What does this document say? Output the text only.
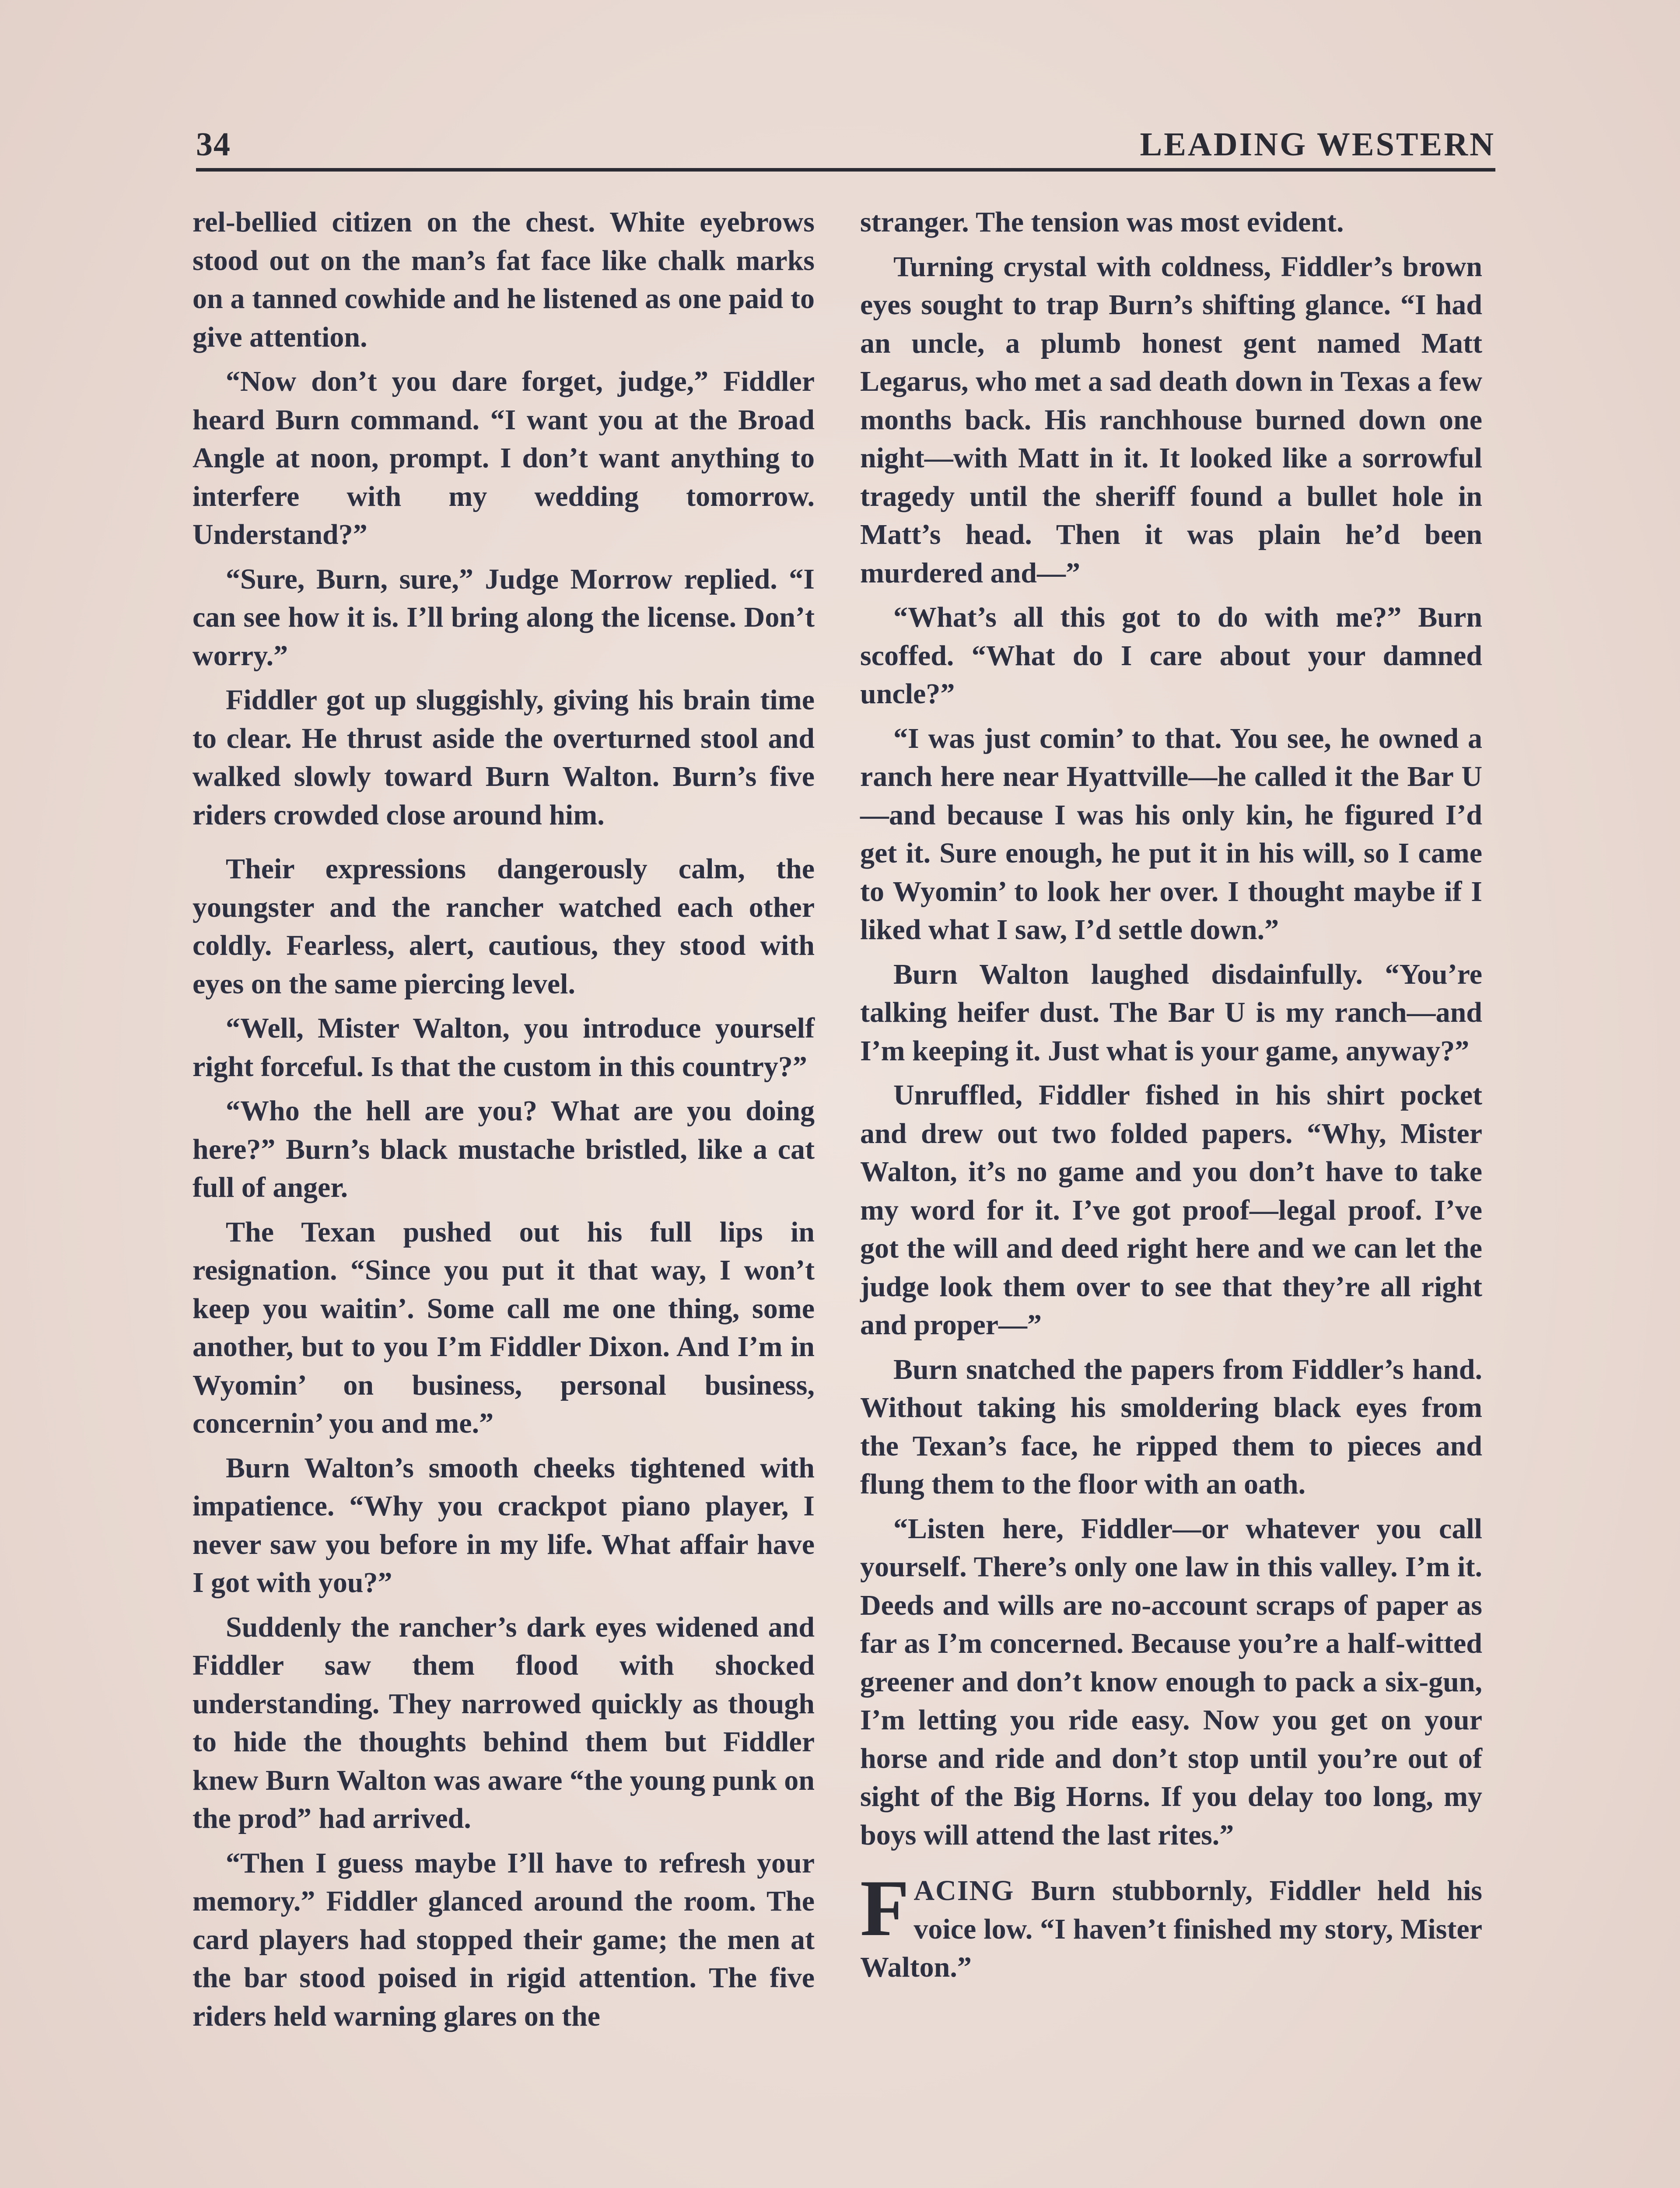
34	LEADING WESTERN

rel-bellied citizen on the chest. White eyebrows stood out on the man’s fat face like chalk marks on a tanned cowhide and he listened as one paid to give attention.

“Now don’t you dare forget, judge,” Fiddler heard Burn command. “I want you at the Broad Angle at noon, prompt. I don’t want anything to interfere with my wedding tomorrow. Understand?”

“Sure, Burn, sure,” Judge Morrow replied. “I can see how it is. I’ll bring along the license. Don’t worry.”

Fiddler got up sluggishly, giving his brain time to clear. He thrust aside the overturned stool and walked slowly toward Burn Walton. Burn’s five riders crowded close around him.

Their expressions dangerously calm, the youngster and the rancher watched each other coldly. Fearless, alert, cautious, they stood with eyes on the same piercing level.

“Well, Mister Walton, you introduce yourself right forceful. Is that the custom in this country?”

“Who the hell are you? What are you doing here?” Burn’s black mustache bristled, like a cat full of anger.

The Texan pushed out his full lips in resignation. “Since you put it that way, I won’t keep you waitin’. Some call me one thing, some another, but to you I’m Fiddler Dixon. And I’m in Wyomin’ on business, personal business, concernin’ you and me.”

Burn Walton’s smooth cheeks tightened with impatience. “Why you crackpot piano player, I never saw you before in my life. What affair have I got with you?”

Suddenly the rancher’s dark eyes widened and Fiddler saw them flood with shocked understanding. They narrowed quickly as though to hide the thoughts behind them but Fiddler knew Burn Walton was aware “the young punk on the prod” had arrived.

“Then I guess maybe I’ll have to refresh your memory.” Fiddler glanced around the room. The card players had stopped their game; the men at the bar stood poised in rigid attention. The five riders held warning glares on the

stranger. The tension was most evident.

Turning crystal with coldness, Fiddler’s brown eyes sought to trap Burn’s shifting glance. “I had an uncle, a plumb honest gent named Matt Legarus, who met a sad death down in Texas a few months back. His ranchhouse burned down one night—with Matt in it. It looked like a sorrowful tragedy until the sheriff found a bullet hole in Matt’s head. Then it was plain he’d been murdered and—”

“What’s all this got to do with me?” Burn scoffed. “What do I care about your damned uncle?”

“I was just comin’ to that. You see, he owned a ranch here near Hyattville—he called it the Bar U—and because I was his only kin, he figured I’d get it. Sure enough, he put it in his will, so I came to Wyomin’ to look her over. I thought maybe if I liked what I saw, I’d settle down.”

Burn Walton laughed disdainfully. “You’re talking heifer dust. The Bar U is my ranch—and I’m keeping it. Just what is your game, anyway?”

Unruffled, Fiddler fished in his shirt pocket and drew out two folded papers. “Why, Mister Walton, it’s no game and you don’t have to take my word for it. I’ve got proof—legal proof. I’ve got the will and deed right here and we can let the judge look them over to see that they’re all right and proper—”

Burn snatched the papers from Fiddler’s hand. Without taking his smoldering black eyes from the Texan’s face, he ripped them to pieces and flung them to the floor with an oath.

“Listen here, Fiddler—or whatever you call yourself. There’s only one law in this valley. I’m it. Deeds and wills are no-account scraps of paper as far as I’m concerned. Because you’re a half-witted greener and don’t know enough to pack a six-gun, I’m letting you ride easy. Now you get on your horse and ride and don’t stop until you’re out of sight of the Big Horns. If you delay too long, my boys will attend the last rites.”

FACING Burn stubbornly, Fiddler held his voice low. “I haven’t finished my story, Mister Walton.”
